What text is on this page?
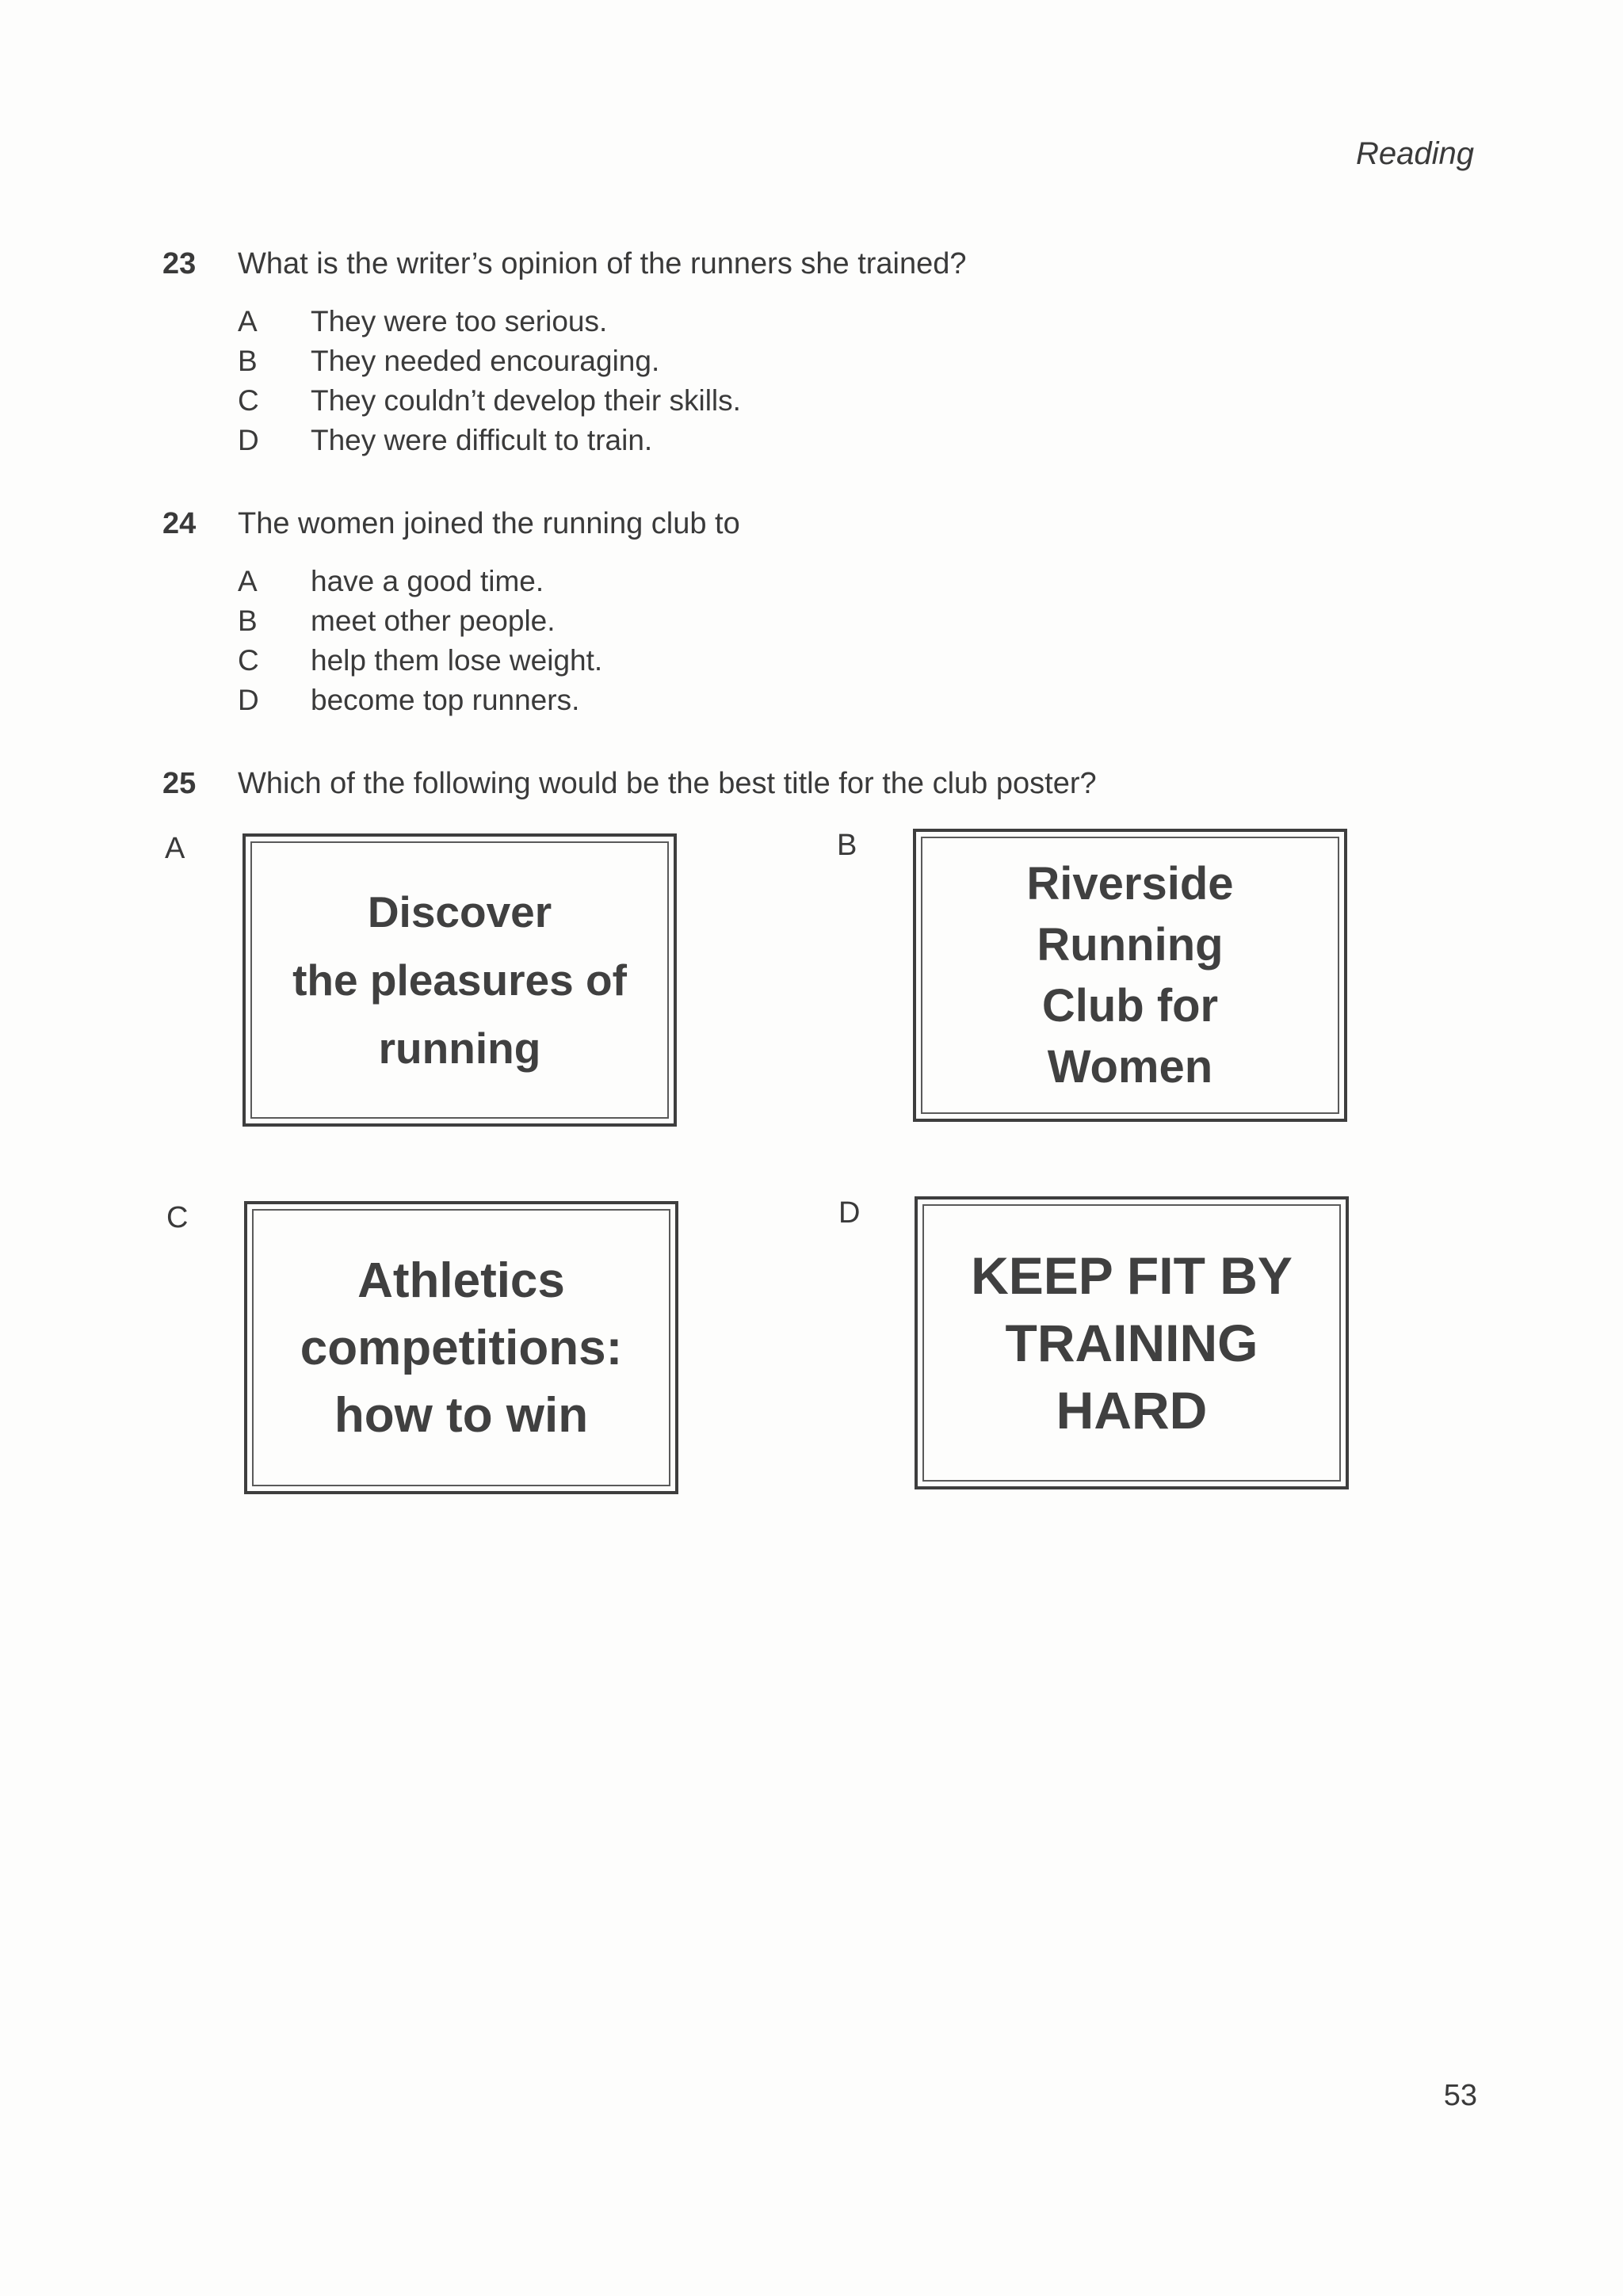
Reading
23	What is the writer’s opinion of the runners she trained?
A	They were too serious.
B	They needed encouraging.
C	They couldn’t develop their skills.
D	They were difficult to train.
24	The women joined the running club to
A	have a good time.
B	meet other people.
C	help them lose weight.
D	become top runners.
25	Which of the following would be the best title for the club poster?
A
Discover
the pleasures of
running
B
Riverside
Running
Club for
Women
C
Athletics
competitions:
how to win
D
KEEP FIT BY
TRAINING
HARD
53
